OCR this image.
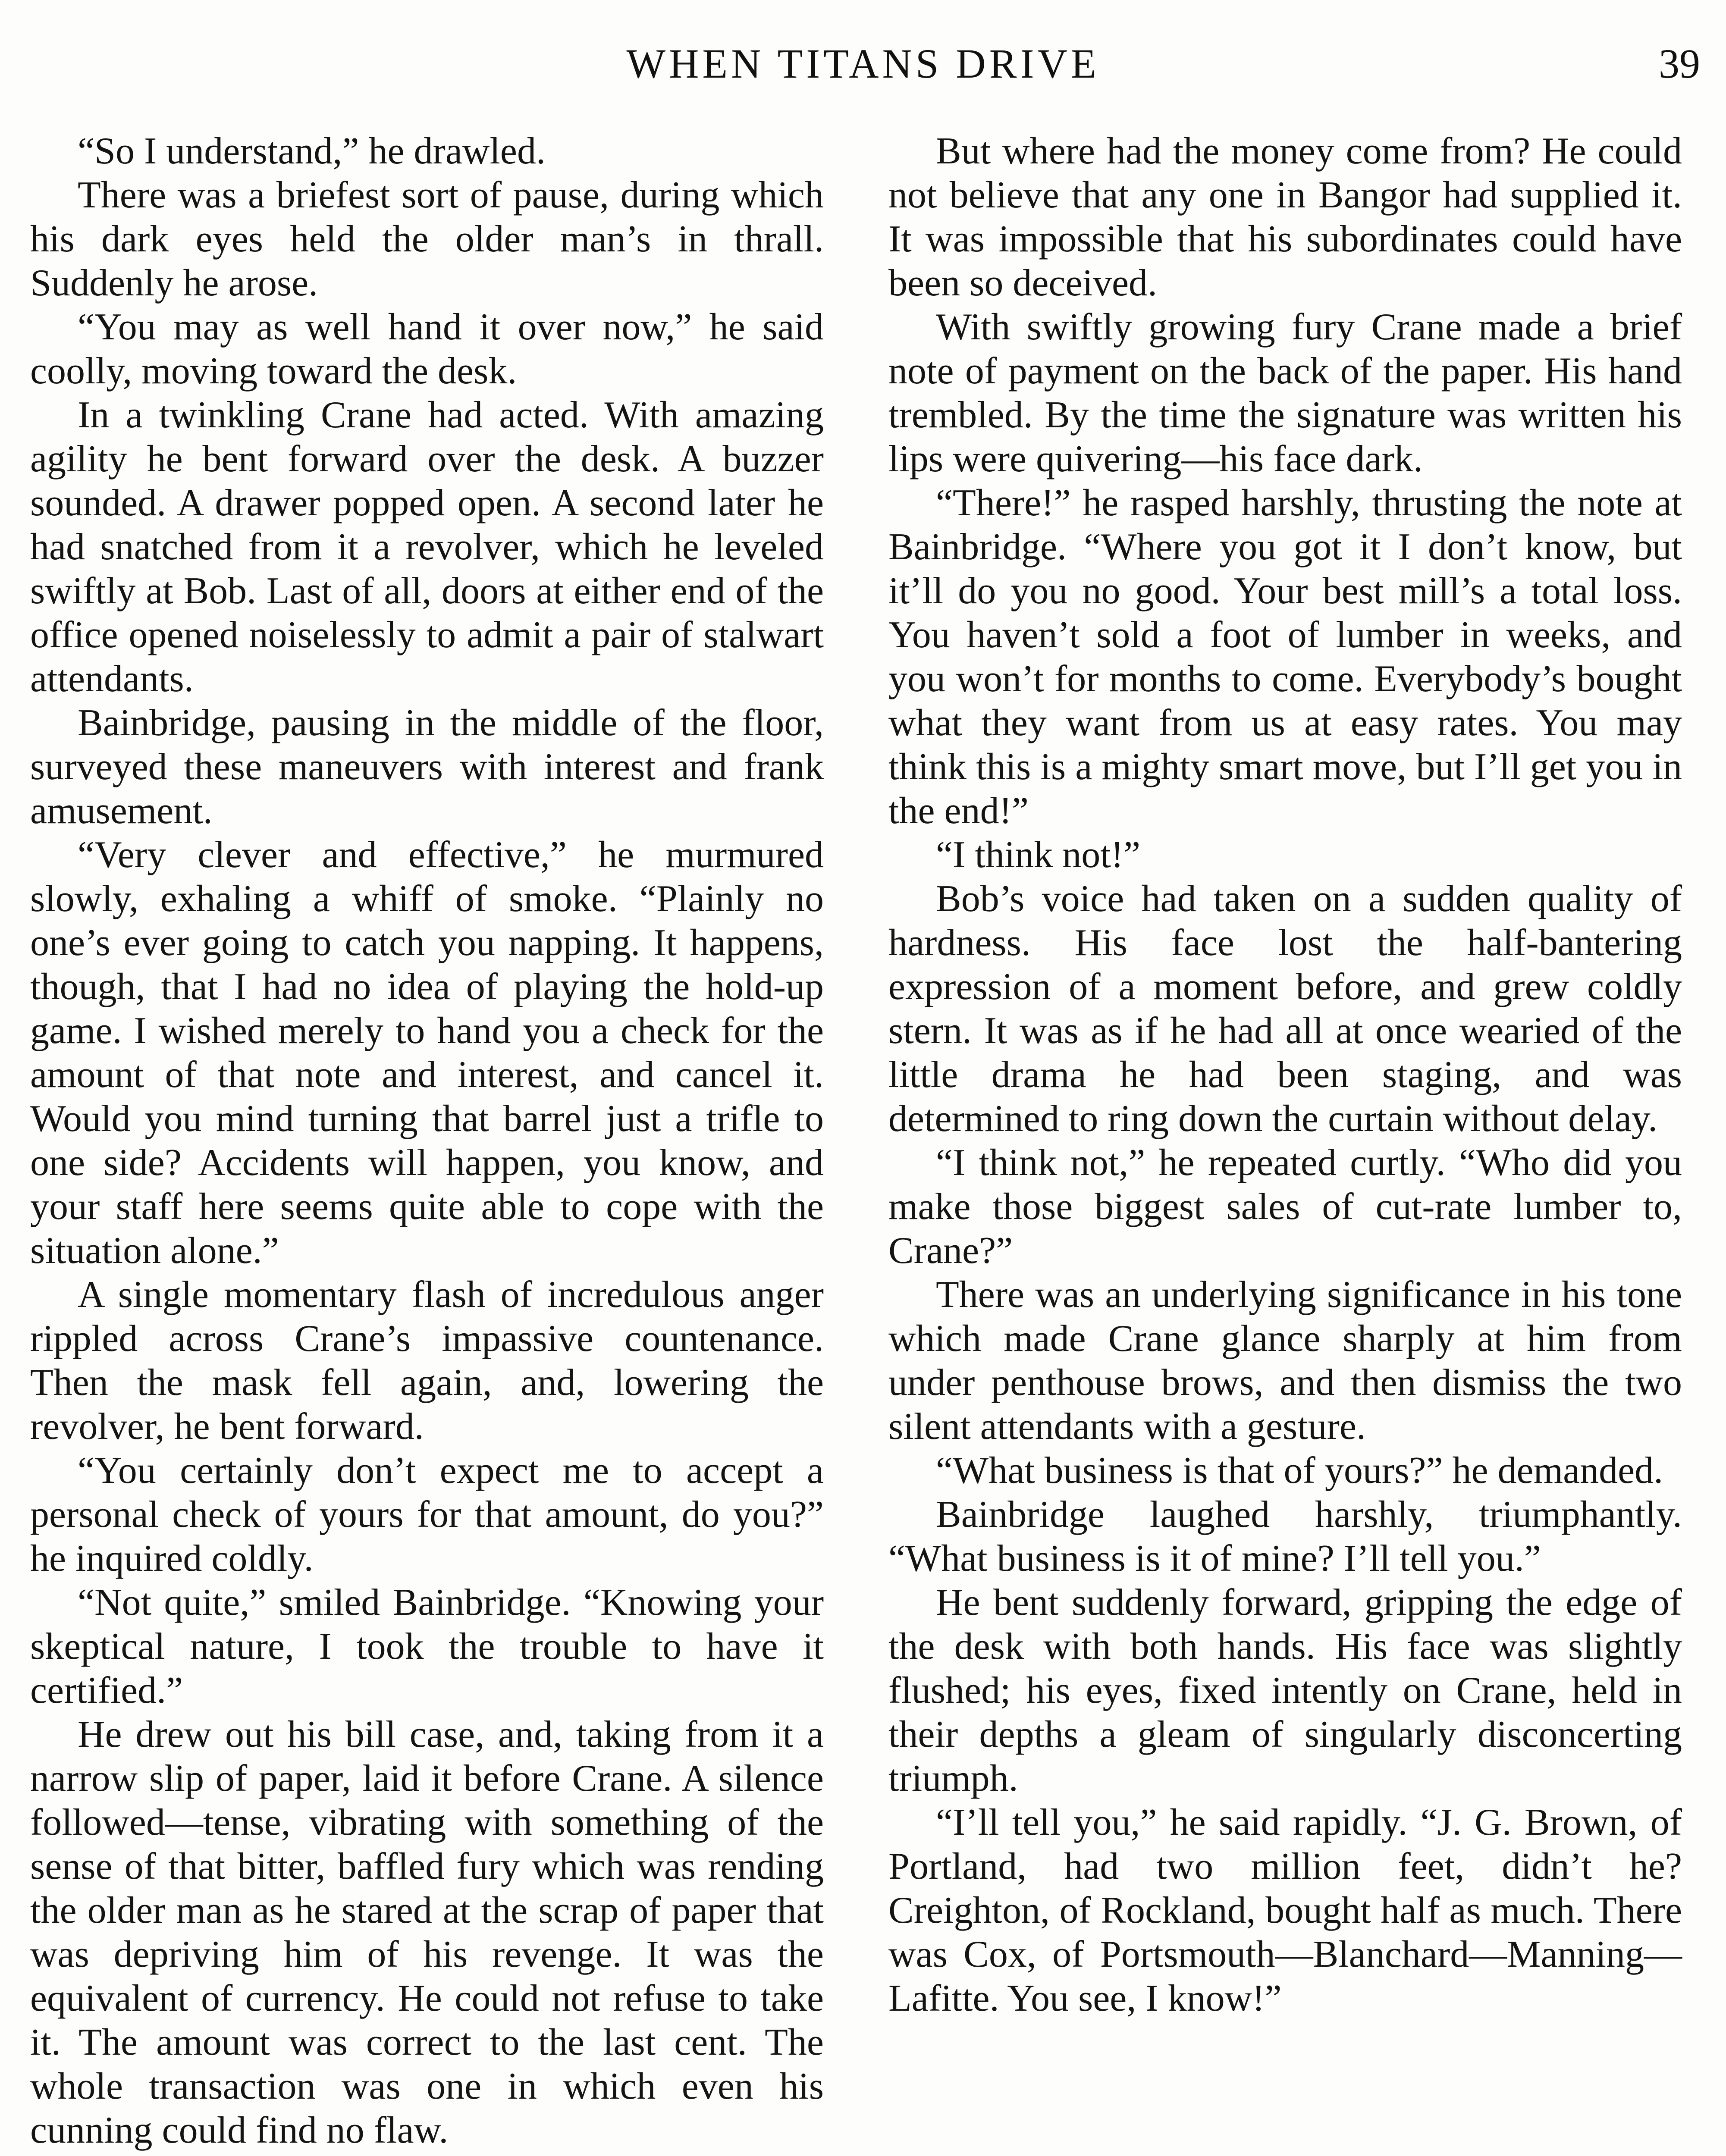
WHEN TITANS DRIVE	39

“So I understand,” he drawled.

There was a briefest sort of pause, during which his dark eyes held the older man’s in thrall. Suddenly he arose.

“You may as well hand it over now,” he said coolly, moving toward the desk.

In a twinkling Crane had acted. With amazing agility he bent forward over the desk. A buzzer sounded. A drawer popped open. A second later he had snatched from it a revolver, which he leveled swiftly at Bob. Last of all, doors at either end of the office opened noiselessly to admit a pair of stalwart attendants.

Bainbridge, pausing in the middle of the floor, surveyed these maneuvers with interest and frank amusement.

“Very clever and effective,” he murmured slowly, exhaling a whiff of smoke. “Plainly no one’s ever going to catch you napping. It happens, though, that I had no idea of playing the hold-up game. I wished merely to hand you a check for the amount of that note and interest, and cancel it. Would you mind turning that barrel just a trifle to one side? Accidents will happen, you know, and your staff here seems quite able to cope with the situation alone.”

A single momentary flash of incredulous anger rippled across Crane’s impassive countenance. Then the mask fell again, and, lowering the revolver, he bent forward.

“You certainly don’t expect me to accept a personal check of yours for that amount, do you?” he inquired coldly.

“Not quite,” smiled Bainbridge. “Knowing your skeptical nature, I took the trouble to have it certified.”

He drew out his bill case, and, taking from it a narrow slip of paper, laid it before Crane. A silence followed—tense, vibrating with something of the sense of that bitter, baffled fury which was rending the older man as he stared at the scrap of paper that was depriving him of his revenge. It was the equivalent of currency. He could not refuse to take it. The amount was correct to the last cent. The whole transaction was one in which even his cunning could find no flaw.

But where had the money come from? He could not believe that any one in Bangor had supplied it. It was impossible that his subordinates could have been so deceived.

With swiftly growing fury Crane made a brief note of payment on the back of the paper. His hand trembled. By the time the signature was written his lips were quivering—his face dark.

“There!” he rasped harshly, thrusting the note at Bainbridge. “Where you got it I don’t know, but it’ll do you no good. Your best mill’s a total loss. You haven’t sold a foot of lumber in weeks, and you won’t for months to come. Everybody’s bought what they want from us at easy rates. You may think this is a mighty smart move, but I’ll get you in the end!”

“I think not!”

Bob’s voice had taken on a sudden quality of hardness. His face lost the half-bantering expression of a moment before, and grew coldly stern. It was as if he had all at once wearied of the little drama he had been staging, and was determined to ring down the curtain without delay.

“I think not,” he repeated curtly. “Who did you make those biggest sales of cut-rate lumber to, Crane?”

There was an underlying significance in his tone which made Crane glance sharply at him from under penthouse brows, and then dismiss the two silent attendants with a gesture.

“What business is that of yours?” he demanded.

Bainbridge laughed harshly, triumphantly. “What business is it of mine? I’ll tell you.”

He bent suddenly forward, gripping the edge of the desk with both hands. His face was slightly flushed; his eyes, fixed intently on Crane, held in their depths a gleam of singularly disconcerting triumph.

“I’ll tell you,” he said rapidly. “J. G. Brown, of Portland, had two million feet, didn’t he? Creighton, of Rockland, bought half as much. There was Cox, of Portsmouth—Blanchard—Manning—Lafitte. You see, I know!”
